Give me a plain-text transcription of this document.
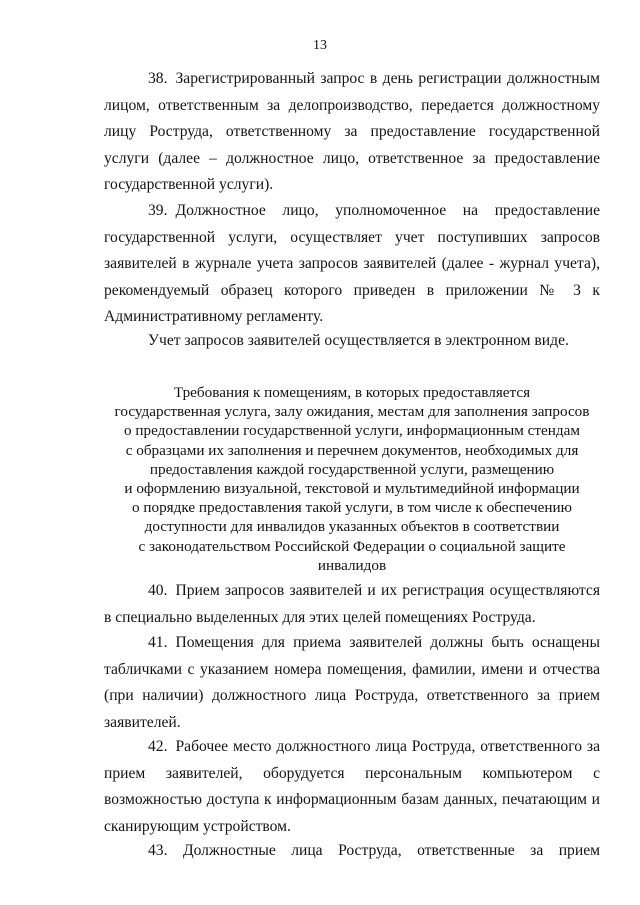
13

38. Зарегистрированный запрос в день регистрации должностным лицом, ответственным за делопроизводство, передается должностному лицу Роструда, ответственному за предоставление государственной услуги (далее – должностное лицо, ответственное за предоставление государственной услуги).

39. Должностное лицо, уполномоченное на предоставление государственной услуги, осуществляет учет поступивших запросов заявителей в журнале учета запросов заявителей (далее - журнал учета), рекомендуемый образец которого приведен в приложении № 3 к Административному регламенту.

Учет запросов заявителей осуществляется в электронном виде.

Требования к помещениям, в которых предоставляется
государственная услуга, залу ожидания, местам для заполнения запросов
о предоставлении государственной услуги, информационным стендам
с образцами их заполнения и перечнем документов, необходимых для
предоставления каждой государственной услуги, размещению
и оформлению визуальной, текстовой и мультимедийной информации
о порядке предоставления такой услуги, в том числе к обеспечению
доступности для инвалидов указанных объектов в соответствии
с законодательством Российской Федерации о социальной защите
инвалидов

40. Прием запросов заявителей и их регистрация осуществляются в специально выделенных для этих целей помещениях Роструда.

41. Помещения для приема заявителей должны быть оснащены табличками с указанием номера помещения, фамилии, имени и отчества (при наличии) должностного лица Роструда, ответственного за прием заявителей.

42. Рабочее место должностного лица Роструда, ответственного за прием заявителей, оборудуется персональным компьютером с возможностью доступа к информационным базам данных, печатающим и сканирующим устройством.

43. Должностные лица Роструда, ответственные за прием
